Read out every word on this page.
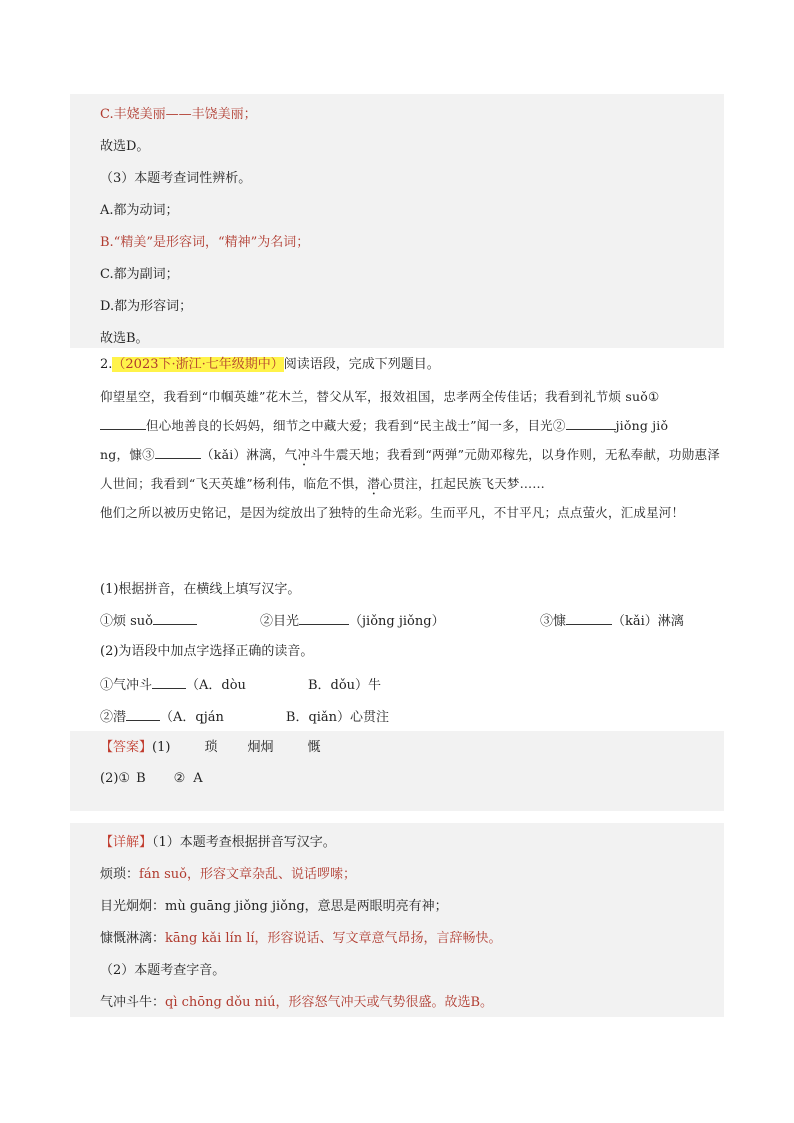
C.丰娆美丽——丰饶美丽；
故选D。
（3）本题考查词性辨析。
A.都为动词；
B.“精美”是形容词，“精神”为名词；
C.都为副词；
D.都为形容词；
故选B。
2.（2023下·浙江·七年级期中）阅读语段，完成下列题目。

仰望星空，我看到“巾帼英雄”花木兰，替父从军，报效祖国，忠孝两全传佳话；我看到礼节烦 suǒ①
但心地善良的长妈妈，细节之中藏大爱；我看到“民主战士”闻一多，目光②	jiǒng jiǒ
ng，慷③	（kǎi）淋漓，气冲斗牛震天地；我看到“两弹”元勋邓稼先，以身作则，无私奉献，功勋惠泽人世间；我看到“飞天英雄”杨利伟，临危不惧，潜心贯注，扛起民族飞天梦……

他们之所以被历史铭记，是因为绽放出了独特的生命光彩。生而平凡，不甘平凡；点点萤火，汇成星河！

(1)根据拼音，在横线上填写汉字。
①烦 suǒ	②目光	（jiǒng jiǒng）	③慷	（kǎi）淋漓
(2)为语段中加点字选择正确的读音。
①气冲斗	（A．dòu	B．dǒu）牛
②潜	（A．qján	B．qiǎn）心贯注
【答案】(1)	琐 炯炯	慨
(2)① B ② A
【详解】（1）本题考查根据拼音写汉字。
烦琐：fán suǒ，形容文章杂乱、说话啰嗦；
目光炯炯：mù guāng jiǒng jiǒng，意思是两眼明亮有神；
慷慨淋漓：kāng kǎi lín lí，形容说话、写文章意气昂扬，言辞畅快。
（2）本题考查字音。
气冲斗牛：qì chōng dǒu niú，形容怒气冲天或气势很盛。故选B。
